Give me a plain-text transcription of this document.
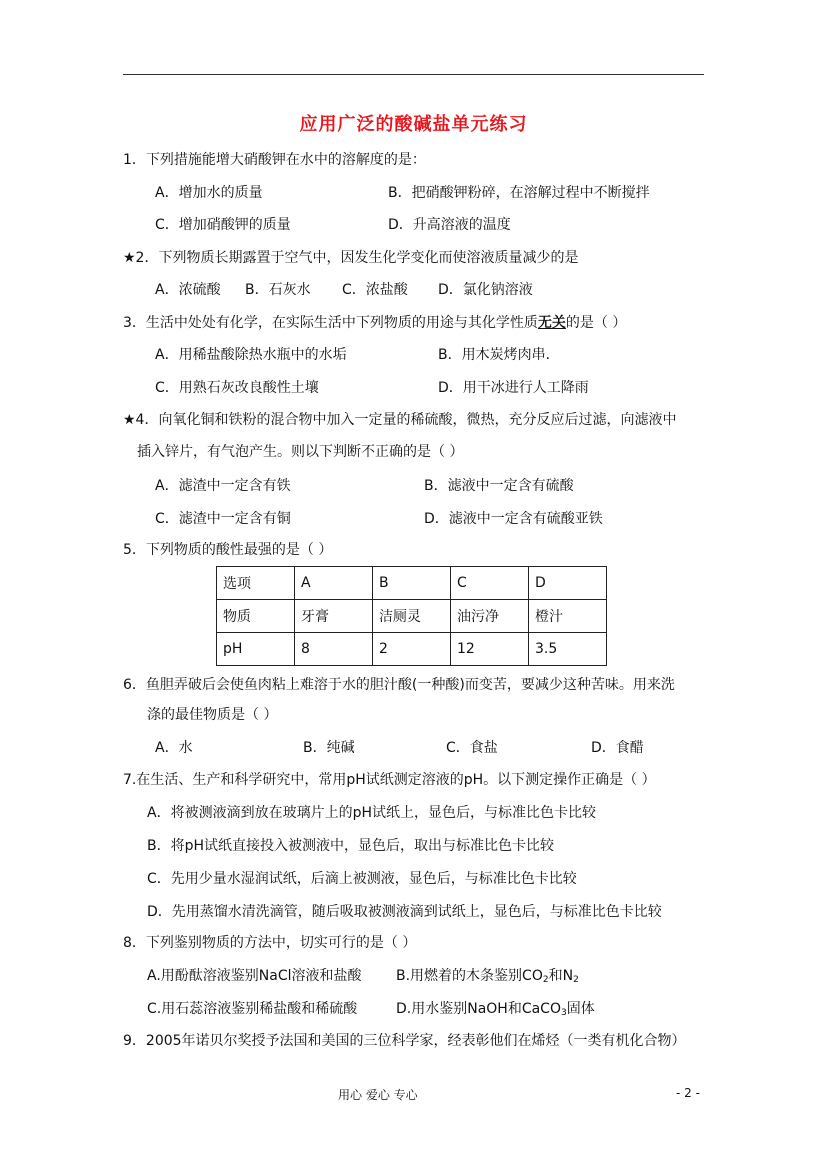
应用广泛的酸碱盐单元练习
1．下列措施能增大硝酸钾在水中的溶解度的是：
A．增加水的质量	B．把硝酸钾粉碎，在溶解过程中不断搅拌
C．增加硝酸钾的质量	D．升高溶液的温度
★2．下列物质长期露置于空气中，因发生化学变化而使溶液质量减少的是
A．浓硫酸 B．石灰水 C．浓盐酸 D．氯化钠溶液
3．生活中处处有化学，在实际生活中下列物质的用途与其化学性质无关的是（ ）
A．用稀盐酸除热水瓶中的水垢	B．用木炭烤肉串．
C．用熟石灰改良酸性土壤	D．用干冰进行人工降雨
★4．向氧化铜和铁粉的混合物中加入一定量的稀硫酸，微热，充分反应后过滤，向滤液中
插入锌片，有气泡产生。则以下判断不正确的是（ ）
A．滤渣中一定含有铁	B．滤液中一定含有硫酸
C．滤渣中一定含有铜	D．滤液中一定含有硫酸亚铁
5．下列物质的酸性最强的是（ ）
选项	A	B	C	D
物质	牙膏	洁厕灵	油污净	橙汁
pH	8	2	12	3.5
6．鱼胆弄破后会使鱼肉粘上难溶于水的胆汁酸(一种酸)而变苦，要减少这种苦味。用来洗
涤的最佳物质是（ ）
A．水	B．纯碱	C．食盐	D．食醋
7.在生活、生产和科学研究中，常用pH试纸测定溶液的pH。以下测定操作正确是（ ）
A．将被测液滴到放在玻璃片上的pH试纸上，显色后，与标准比色卡比较
B．将pH试纸直接投入被测液中，显色后，取出与标准比色卡比较
C．先用少量水湿润试纸，后滴上被测液，显色后，与标准比色卡比较
D．先用蒸馏水清洗滴管，随后吸取被测液滴到试纸上，显色后，与标准比色卡比较
8．下列鉴别物质的方法中，切实可行的是（ ）
A.用酚酞溶液鉴别NaCl溶液和盐酸 B.用燃着的木条鉴别$CO_2$和$N_2$
C.用石蕊溶液鉴别稀盐酸和稀硫酸	D.用水鉴别NaOH和CaCO$_3$固体
9．2005年诺贝尔奖授予法国和美国的三位科学家，经表彰他们在烯烃（一类有机化合物）
用心 爱心 专心	- 2 -
